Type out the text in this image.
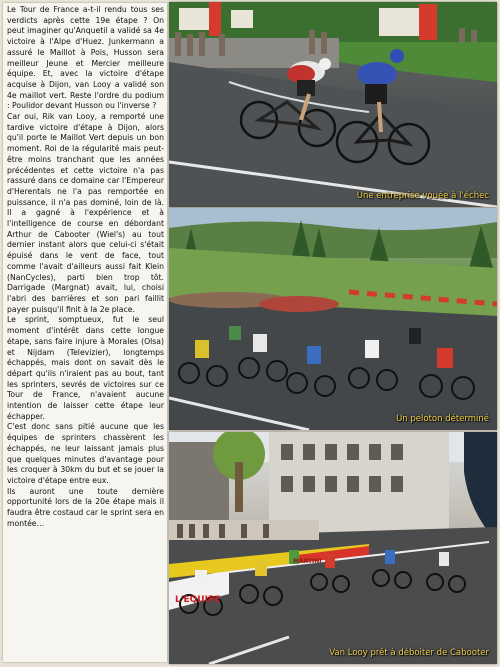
Le Tour de France a-t-il rendu tous ses verdicts après cette 19e étape ? On peut imaginer qu'Anquetil a validé sa 4e victoire à l'Alpe d'Huez. Junkermann a assuré le Maillot à Pois, Husson sera meilleur Jeune et Mercier meilleure équipe. Et, avec la victoire d'étape acquise à Dijon, van Looy a validé son 4e maillot vert. Reste l'ordre du podium : Poulidor devant Husson ou l'inverse ?

Car oui, Rik van Looy, a remporté une tardive victoire d'étape à Dijon, alors qu'il porte le Maillot Vert depuis un bon moment. Roi de la régularité mais peut-être moins tranchant que les années précédentes et cette victoire n'a pas rassuré dans ce domaine car l'Empereur d'Herentals ne l'a pas remportée en puissance, il n'a pas dominé, loin de là. Il a gagné à l'expérience et à l'intelligence de course en débordant Arthur de Cabooter (Wiel's) au tout dernier instant alors que celui-ci s'était épuisé dans le vent de face, tout comme l'avait d'ailleurs aussi fait Klein (NanCycles), parti bien trop tôt. Darrigade (Margnat) avait, lui, choisi l'abri des barrières et son pari faillit payer puisqu'il finit à la 2e place.

Le sprint, somptueux, fut le seul moment d'intérêt dans cette longue étape, sans faire injure à Morales (Olsa) et Nijdam (Televizier), longtemps échappés, mais dont on savait dès le départ qu'ils n'iraient pas au bout, tant les sprinters, sevrés de victoires sur ce Tour de France, n'avaient aucune intention de laisser cette étape leur échapper.

C'est donc sans pitié aucune que les équipes de sprinters chassèrent les échappés, ne leur laissant jamais plus que quelques minutes d'avantage pour les croquer à 30km du but et se jouer la victoire d'étape entre eux.

Ils auront une toute dernière opportunité lors de la 20e étape mais il faudra être costaud car le sprint sera en montée…

Une entreprise vouée à l'échec
Un peloton déterminé
L'EQUIPE
MARTINI
Van Looy prêt à déboiter de Cabooter
